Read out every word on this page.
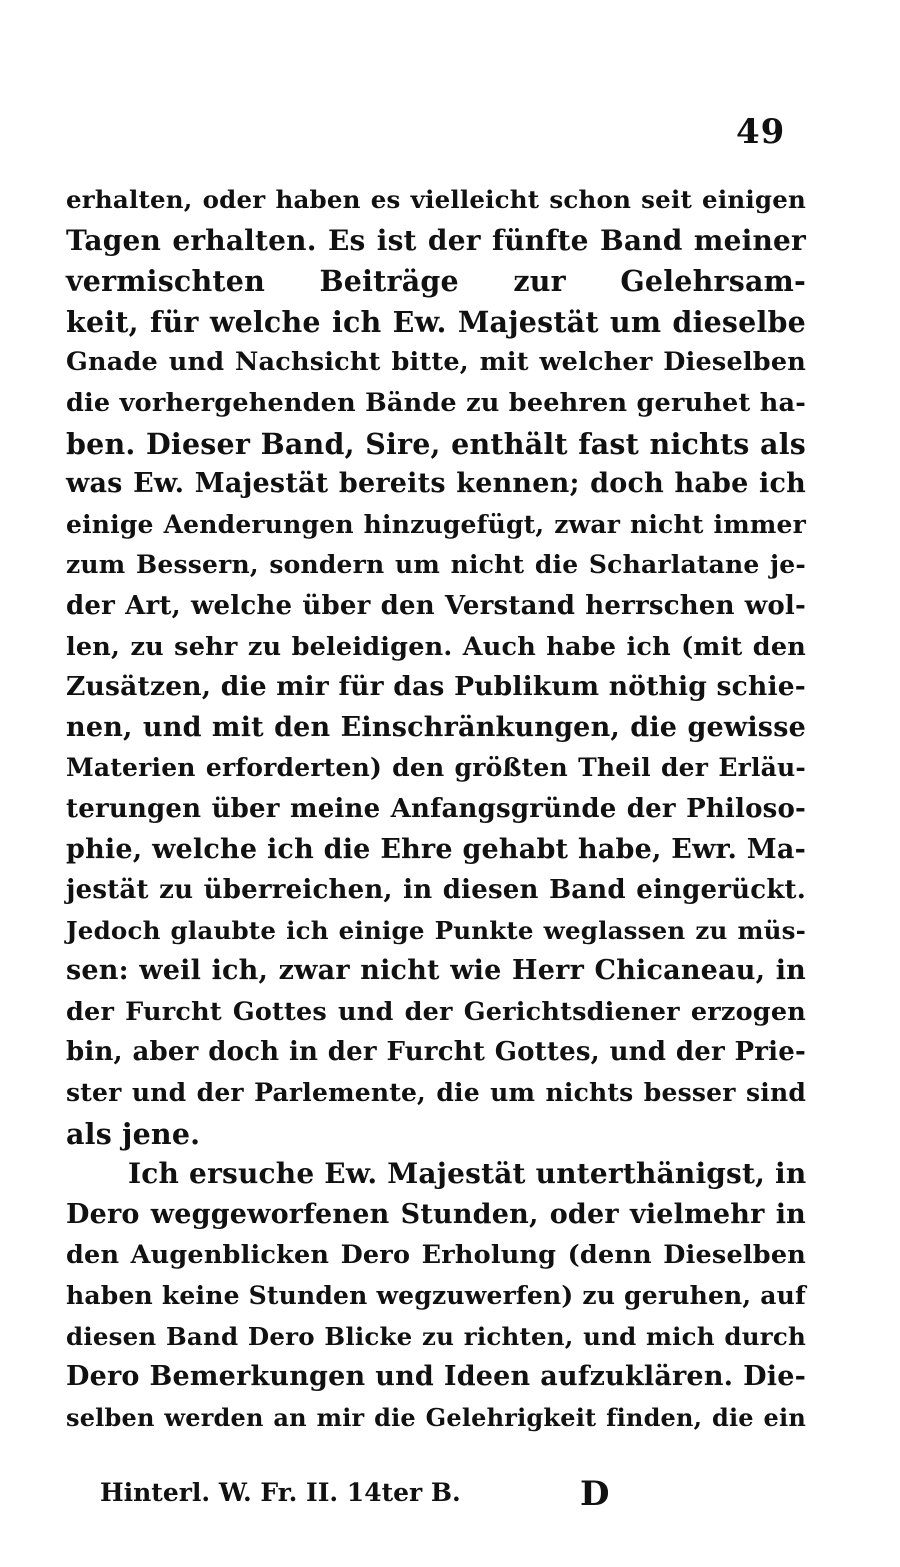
49
erhalten, oder haben es vielleicht schon seit einigen
Tagen erhalten. Es ist der fünfte Band meiner
vermischten Beiträge zur Gelehrsam-
keit, für welche ich Ew. Majestät um dieselbe
Gnade und Nachsicht bitte, mit welcher Dieselben
die vorhergehenden Bände zu beehren geruhet ha-
ben. Dieser Band, Sire, enthält fast nichts als
was Ew. Majestät bereits kennen; doch habe ich
einige Aenderungen hinzugefügt, zwar nicht immer
zum Bessern, sondern um nicht die Scharlatane je-
der Art, welche über den Verstand herrschen wol-
len, zu sehr zu beleidigen. Auch habe ich (mit den
Zusätzen, die mir für das Publikum nöthig schie-
nen, und mit den Einschränkungen, die gewisse
Materien erforderten) den größten Theil der Erläu-
terungen über meine Anfangsgründe der Philoso-
phie, welche ich die Ehre gehabt habe, Ewr. Ma-
jestät zu überreichen, in diesen Band eingerückt.
Jedoch glaubte ich einige Punkte weglassen zu müs-
sen: weil ich, zwar nicht wie Herr Chicaneau, in
der Furcht Gottes und der Gerichtsdiener erzogen
bin, aber doch in der Furcht Gottes, und der Prie-
ster und der Parlemente, die um nichts besser sind
als jene.
Ich ersuche Ew. Majestät unterthänigst, in
Dero weggeworfenen Stunden, oder vielmehr in
den Augenblicken Dero Erholung (denn Dieselben
haben keine Stunden wegzuwerfen) zu geruhen, auf
diesen Band Dero Blicke zu richten, und mich durch
Dero Bemerkungen und Ideen aufzuklären. Die-
selben werden an mir die Gelehrigkeit finden, die ein
Hinterl. W. Fr. II. 14ter B.	D
